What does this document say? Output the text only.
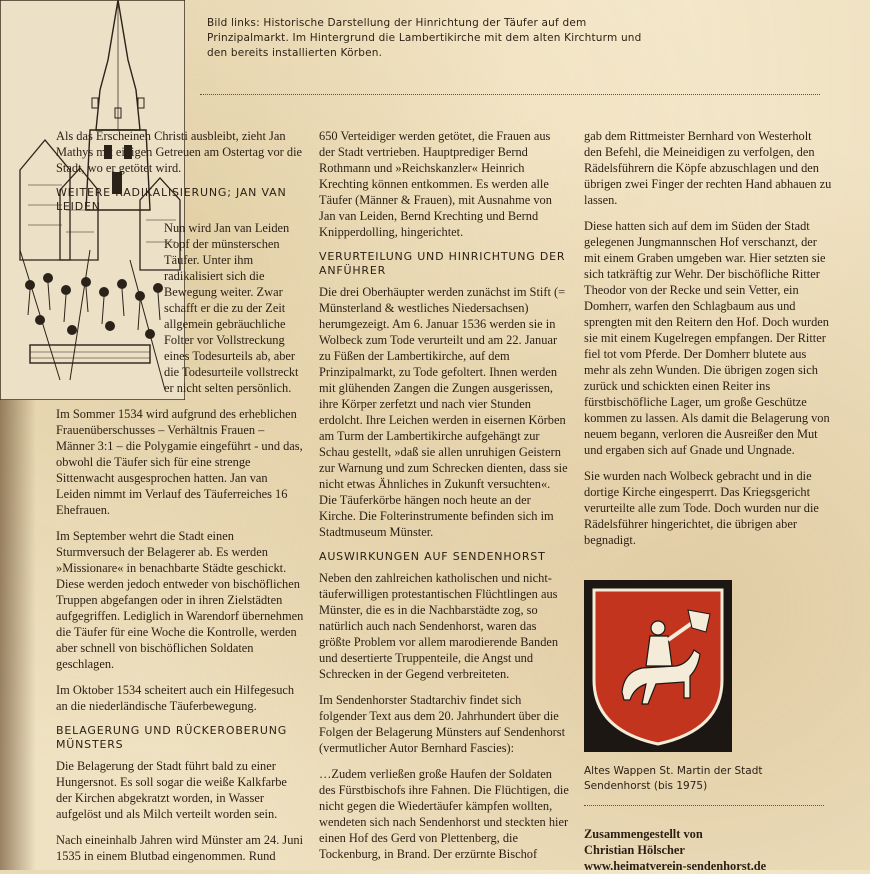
Bild links: Historische Darstellung der Hinrichtung der Täufer auf dem Prinzipalmarkt. Im Hintergrund die Lambertikirche mit dem alten Kirchturm und den bereits installierten Körben.

Als das Erscheinen Christi ausbleibt, zieht Jan Mathys mit einigen Getreuen am Ostertag vor die Stadt, wo er getötet wird.

WEITERE RADIKALISIERUNG; JAN VAN LEIDEN

Nun wird Jan van Leiden Kopf der münsterschen Täufer. Unter ihm radikalisiert sich die Bewegung weiter. Zwar schafft er die zu der Zeit allgemein gebräuchliche Folter vor Vollstreckung eines Todesurteils ab, aber die Todesurteile vollstreckt er nicht selten persönlich.

Im Sommer 1534 wird aufgrund des erheblichen Frauenüberschusses – Verhältnis Frauen – Männer 3:1 – die Polygamie eingeführt - und das, obwohl die Täufer sich für eine strenge Sittenwacht ausgesprochen hatten. Jan van Leiden nimmt im Verlauf des Täuferreiches 16 Ehefrauen.

Im September wehrt die Stadt einen Sturmversuch der Belagerer ab. Es werden »Missionare« in benachbarte Städte geschickt. Diese werden jedoch entweder von bischöflichen Truppen abgefangen oder in ihren Zielstädten aufgegriffen. Lediglich in Warendorf übernehmen die Täufer für eine Woche die Kontrolle, werden aber schnell von bischöflichen Soldaten geschlagen.

Im Oktober 1534 scheitert auch ein Hilfegesuch an die niederländische Täuferbewegung.

BELAGERUNG UND RÜCKEROBERUNG MÜNSTERS

Die Belagerung der Stadt führt bald zu einer Hungersnot. Es soll sogar die weiße Kalkfarbe der Kirchen abgekratzt worden, in Wasser aufgelöst und als Milch verteilt worden sein.

Nach eineinhalb Jahren wird Münster am 24. Juni 1535 in einem Blutbad eingenommen. Rund

650 Verteidiger werden getötet, die Frauen aus der Stadt vertrieben. Hauptprediger Bernd Rothmann und »Reichskanzler« Heinrich Krechting können entkommen. Es werden alle Täufer (Männer & Frauen), mit Ausnahme von Jan van Leiden, Bernd Krechting und Bernd Knipperdolling, hingerichtet.

VERURTEILUNG UND HINRICHTUNG DER ANFÜHRER

Die drei Oberhäupter werden zunächst im Stift (= Münsterland & westliches Niedersachsen) herumgezeigt. Am 6. Januar 1536 werden sie in Wolbeck zum Tode verurteilt und am 22. Januar zu Füßen der Lambertikirche, auf dem Prinzipalmarkt, zu Tode gefoltert. Ihnen werden mit glühenden Zangen die Zungen ausgerissen, ihre Körper zerfetzt und nach vier Stunden erdolcht. Ihre Leichen werden in eisernen Körben am Turm der Lambertikirche aufgehängt zur Schau gestellt, »daß sie allen unruhigen Geistern zur Warnung und zum Schrecken dienten, dass sie nicht etwas Ähnliches in Zukunft versuchten«. Die Täuferkörbe hängen noch heute an der Kirche. Die Folterinstrumente befinden sich im Stadtmuseum Münster.

AUSWIRKUNGEN AUF SENDENHORST

Neben den zahlreichen katholischen und nicht-täuferwilligen protestantischen Flüchtlingen aus Münster, die es in die Nachbarstädte zog, so natürlich auch nach Sendenhorst, waren das größte Problem vor allem marodierende Banden und desertierte Truppenteile, die Angst und Schrecken in der Gegend verbreiteten.

Im Sendenhorster Stadtarchiv findet sich folgender Text aus dem 20. Jahrhundert über die Folgen der Belagerung Münsters auf Sendenhorst (vermutlicher Autor Bernhard Fascies):

…Zudem verließen große Haufen der Soldaten des Fürstbischofs ihre Fahnen. Die Flüchtigen, die nicht gegen die Wiedertäufer kämpfen wollten, wendeten sich nach Sendenhorst und steckten hier einen Hof des Gerd von Plettenberg, die Tockenburg, in Brand. Der erzürnte Bischof

gab dem Rittmeister Bernhard von Westerholt den Befehl, die Meineidigen zu verfolgen, den Rädelsführern die Köpfe abzuschlagen und den übrigen zwei Finger der rechten Hand abhauen zu lassen.

Diese hatten sich auf dem im Süden der Stadt gelegenen Jungmannschen Hof verschanzt, der mit einem Graben umgeben war. Hier setzten sie sich tatkräftig zur Wehr. Der bischöfliche Ritter Theodor von der Recke und sein Vetter, ein Domherr, warfen den Schlagbaum aus und sprengten mit den Reitern den Hof. Doch wurden sie mit einem Kugelregen empfangen. Der Ritter fiel tot vom Pferde. Der Domherr blutete aus mehr als zehn Wunden. Die übrigen zogen sich zurück und schickten einen Reiter ins fürstbischöfliche Lager, um große Geschütze kommen zu lassen. Als damit die Belagerung von neuem begann, verloren die Ausreißer den Mut und ergaben sich auf Gnade und Ungnade.

Sie wurden nach Wolbeck gebracht und in die dortige Kirche eingesperrt. Das Kriegsgericht verurteilte alle zum Tode. Doch wurden nur die Rädelsführer hingerichtet, die übrigen aber begnadigt.

Altes Wappen St. Martin der Stadt Sendenhorst (bis 1975)
Zusammengestellt von
Christian Hölscher
www.heimatverein-sendenhorst.de
